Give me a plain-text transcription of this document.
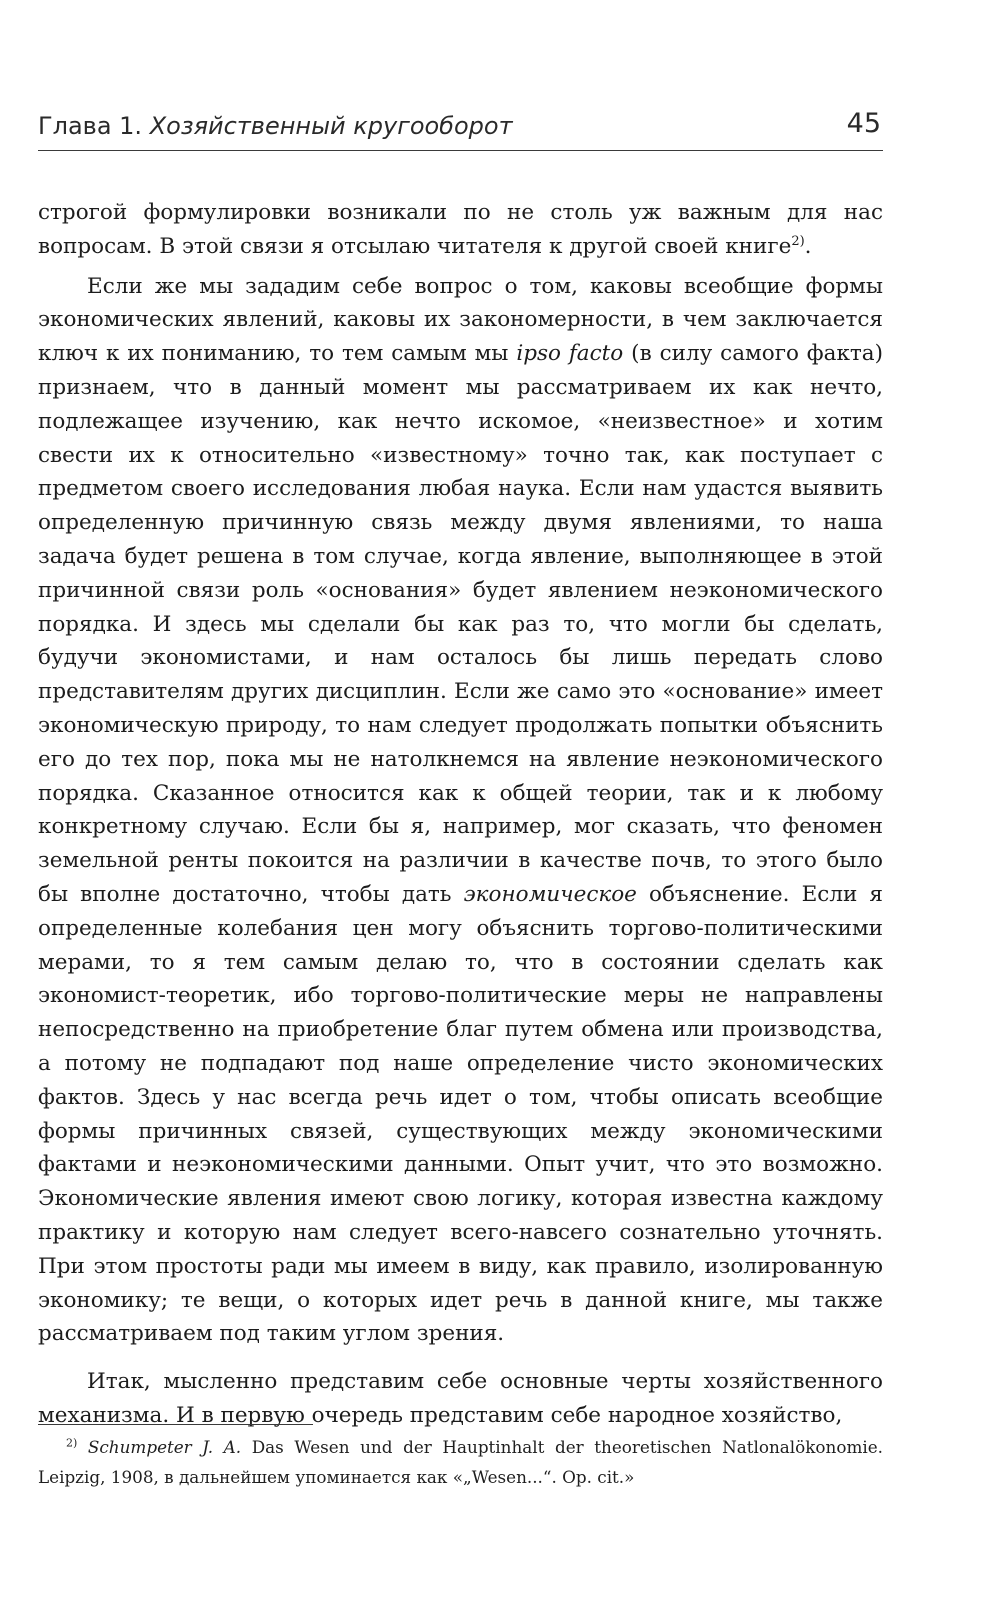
Глава 1. Хозяйственный кругооборот	45

строгой формулировки возникали по не столь уж важным для нас вопросам. В этой связи я отсылаю читателя к другой своей книге$^{2)}$.

Если же мы зададим себе вопрос о том, каковы всеобщие формы экономических явлений, каковы их закономерности, в чем заключается ключ к их пониманию, то тем самым мы ipso facto (в силу самого факта) признаем, что в данный момент мы рассматриваем их как нечто, подлежащее изучению, как нечто искомое, «неизвестное» и хотим свести их к относительно «известному» точно так, как поступает с предметом своего исследования любая наука. Если нам удастся выявить определенную причинную связь между двумя явлениями, то наша задача будет решена в том случае, когда явление, выполняющее в этой причинной связи роль «основания» будет явлением неэкономического порядка. И здесь мы сделали бы как раз то, что могли бы сделать, будучи экономистами, и нам осталось бы лишь передать слово представителям других дисциплин. Если же само это «основание» имеет экономическую природу, то нам следует продолжать попытки объяснить его до тех пор, пока мы не натолкнемся на явление неэкономического порядка. Сказанное относится как к общей теории, так и к любому конкретному случаю. Если бы я, например, мог сказать, что феномен земельной ренты покоится на различии в качестве почв, то этого было бы вполне достаточно, чтобы дать экономическое объяснение. Если я определенные колебания цен могу объяснить торгово-политическими мерами, то я тем самым делаю то, что в состоянии сделать как экономист-теоретик, ибо торгово-политические меры не направлены непосредственно на приобретение благ путем обмена или производства, а потому не подпадают под наше определение чисто экономических фактов. Здесь у нас всегда речь идет о том, чтобы описать всеобщие формы причинных связей, существующих между экономическими фактами и неэкономическими данными. Опыт учит, что это возможно. Экономические явления имеют свою логику, которая известна каждому практику и которую нам следует всего-навсего сознательно уточнять. При этом простоты ради мы имеем в виду, как правило, изолированную экономику; те вещи, о которых идет речь в данной книге, мы также рассматриваем под таким углом зрения.

Итак, мысленно представим себе основные черты хозяйственного механизма. И в первую очередь представим себе народное хозяйство,

$^{2)}$ Schumpeter J. A. Das Wesen und der Hauptinhalt der theoretischen Natlonalökonomie. Leipzig, 1908, в дальнейшем упоминается как «„Wesen...“. Op. cit.»
